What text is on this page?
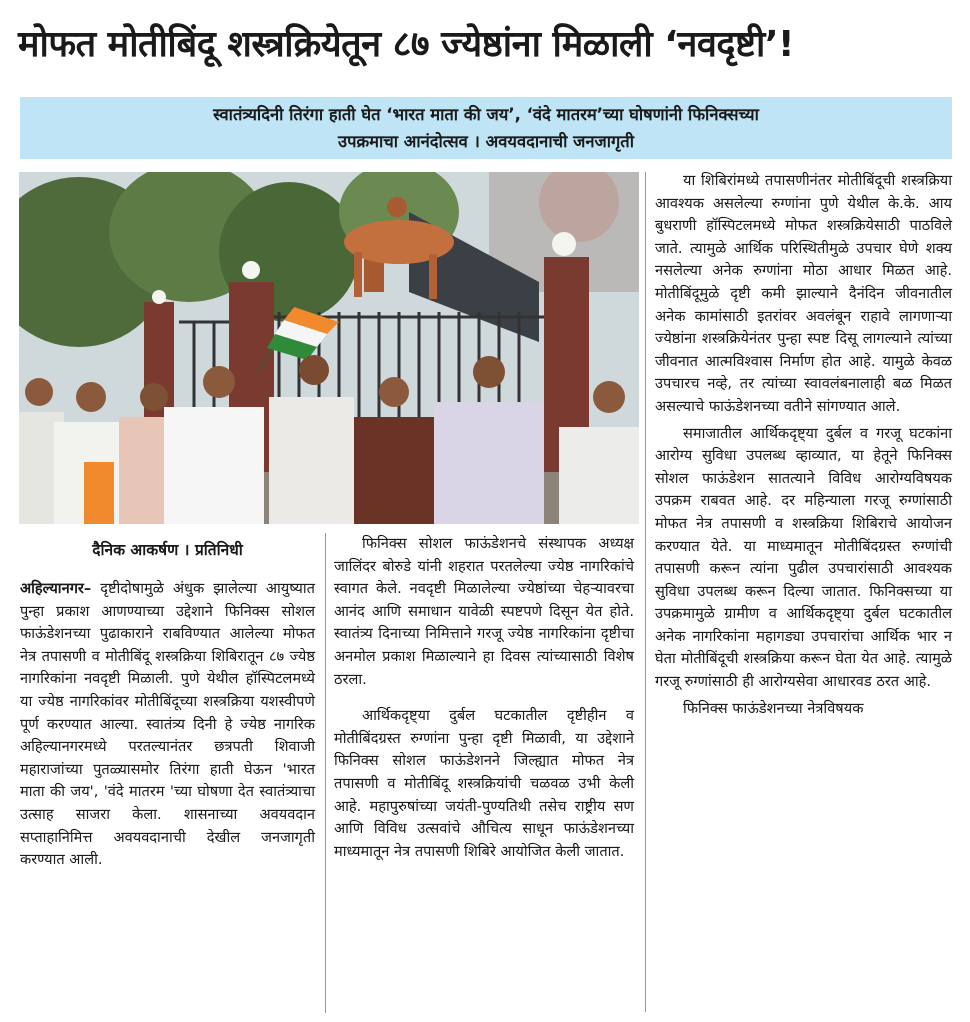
मोफत मोतीबिंदू शस्त्रक्रियेतून ८७ ज्येष्ठांना मिळाली ‘नवदृष्टी’!
स्वातंत्र्यदिनी तिरंगा हाती घेत ‘भारत माता की जय’, ‘वंदे मातरम’च्या घोषणांनी फिनिक्सच्या
उपक्रमाचा आनंदोत्सव । अवयवदानाची जनजागृती
दैनिक आकर्षण । प्रतिनिधी

अहिल्यानगर– दृष्टीदोषामुळे अंधुक झालेल्या आयुष्यात पुन्हा प्रकाश आणण्याच्या उद्देशाने फिनिक्स सोशल फाऊंडेशनच्या पुढाकाराने राबविण्यात आलेल्या मोफत नेत्र तपासणी व मोतीबिंदू शस्त्रक्रिया शिबिरातून ८७ ज्येष्ठ नागरिकांना नवदृष्टी मिळाली. पुणे येथील हॉस्पिटलमध्ये या ज्येष्ठ नागरिकांवर मोतीबिंदूच्या शस्त्रक्रिया यशस्वीपणे पूर्ण करण्यात आल्या. स्वातंत्र्य दिनी हे ज्येष्ठ नागरिक अहिल्यानगरमध्ये परतल्यानंतर छत्रपती शिवाजी महाराजांच्या पुतळ्यासमोर तिरंगा हाती घेऊन 'भारत माता की जय', 'वंदे मातरम 'च्या घोषणा देत स्वातंत्र्याचा उत्साह साजरा केला. शासनाच्या अवयवदान सप्ताहानिमित्त अवयवदानाची देखील जनजागृती करण्यात आली.

फिनिक्स सोशल फाऊंडेशनचे संस्थापक अध्यक्ष जालिंदर बोरुडे यांनी शहरात परतलेल्या ज्येष्ठ नागरिकांचे स्वागत केले. नवदृष्टी मिळालेल्या ज्येष्ठांच्या चेहऱ्यावरचा आनंद आणि समाधान यावेळी स्पष्टपणे दिसून येत होते. स्वातंत्र्य दिनाच्या निमित्ताने गरजू ज्येष्ठ नागरिकांना दृष्टीचा अनमोल प्रकाश मिळाल्याने हा दिवस त्यांच्यासाठी विशेष ठरला.

आर्थिकदृष्ट्या दुर्बल घटकातील दृष्टीहीन व मोतीबिंदग्रस्त रुग्णांना पुन्हा दृष्टी मिळावी, या उद्देशाने फिनिक्स सोशल फाऊंडेशनने जिल्ह्यात मोफत नेत्र तपासणी व मोतीबिंदू शस्त्रक्रियांची चळवळ उभी केली आहे. महापुरुषांच्या जयंती-पुण्यतिथी तसेच राष्ट्रीय सण आणि विविध उत्सवांचे औचित्य साधून फाऊंडेशनच्या माध्यमातून नेत्र तपासणी शिबिरे आयोजित केली जातात.

या शिबिरांमध्ये तपासणीनंतर मोतीबिंदूची शस्त्रक्रिया आवश्यक असलेल्या रुग्णांना पुणे येथील के.के. आय बुधराणी हॉस्पिटलमध्ये मोफत शस्त्रक्रियेसाठी पाठविले जाते. त्यामुळे आर्थिक परिस्थितीमुळे उपचार घेणे शक्य नसलेल्या अनेक रुग्णांना मोठा आधार मिळत आहे. मोतीबिंदूमुळे दृष्टी कमी झाल्याने दैनंदिन जीवनातील अनेक कामांसाठी इतरांवर अवलंबून राहावे लागणाऱ्या ज्येष्ठांना शस्त्रक्रियेनंतर पुन्हा स्पष्ट दिसू लागल्याने त्यांच्या जीवनात आत्मविश्वास निर्माण होत आहे. यामुळे केवळ उपचारच नव्हे, तर त्यांच्या स्वावलंबनालाही बळ मिळत असल्याचे फाऊंडेशनच्या वतीने सांगण्यात आले.

समाजातील आर्थिकदृष्ट्या दुर्बल व गरजू घटकांना आरोग्य सुविधा उपलब्ध व्हाव्यात, या हेतूने फिनिक्स सोशल फाऊंडेशन सातत्याने विविध आरोग्यविषयक उपक्रम राबवत आहे. दर महिन्याला गरजू रुग्णांसाठी मोफत नेत्र तपासणी व शस्त्रक्रिया शिबिराचे आयोजन करण्यात येते. या माध्यमातून मोतीबिंदग्रस्त रुग्णांची तपासणी करून त्यांना पुढील उपचारांसाठी आवश्यक सुविधा उपलब्ध करून दिल्या जातात. फिनिक्सच्या या उपक्रमामुळे ग्रामीण व आर्थिकदृष्ट्या दुर्बल घटकातील अनेक नागरिकांना महागड्या उपचारांचा आर्थिक भार न घेता मोतीबिंदूची शस्त्रक्रिया करून घेता येत आहे. त्यामुळे गरजू रुग्णांसाठी ही आरोग्यसेवा आधारवड ठरत आहे.

फिनिक्स फाऊंडेशनच्या नेत्रविषयक
